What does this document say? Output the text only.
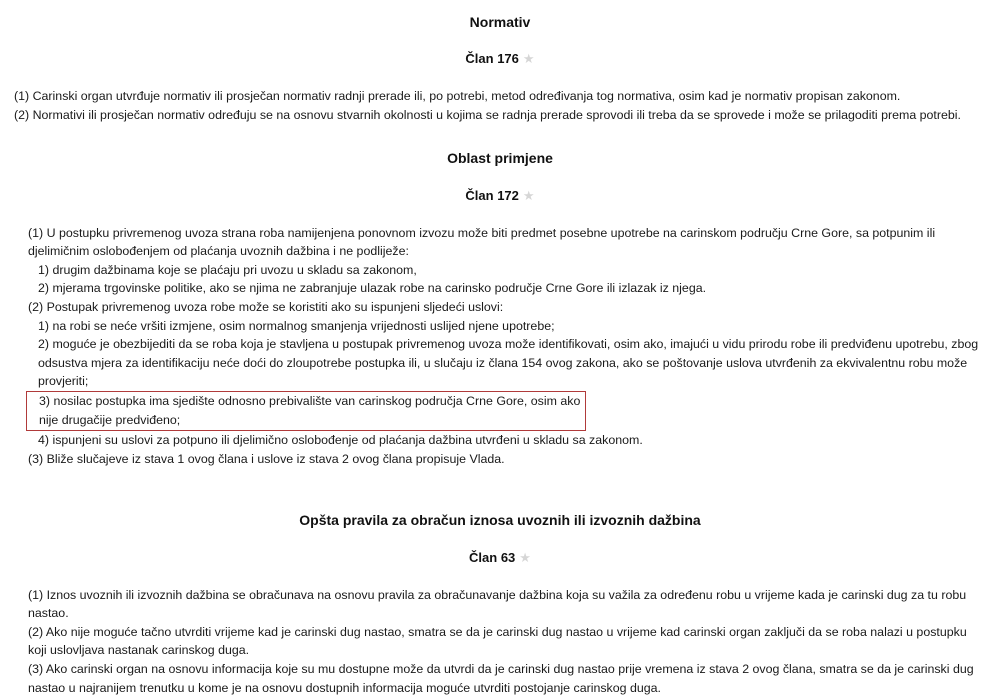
Normativ
Član 176 ★
(1) Carinski organ utvrđuje normativ ili prosječan normativ radnji prerade ili, po potrebi, metod određivanja tog normativa, osim kad je normativ propisan zakonom.
(2) Normativi ili prosječan normativ određuju se na osnovu stvarnih okolnosti u kojima se radnja prerade sprovodi ili treba da se sprovede i može se prilagoditi prema potrebi.
Oblast primjene
Član 172 ★
(1) U postupku privremenog uvoza strana roba namijenjena ponovnom izvozu može biti predmet posebne upotrebe na carinskom području Crne Gore, sa potpunim ili djelimičnim oslobođenjem od plaćanja uvoznih dažbina i ne podliježe:
1) drugim dažbinama koje se plaćaju pri uvozu u skladu sa zakonom,
2) mjerama trgovinske politike, ako se njima ne zabranjuje ulazak robe na carinsko područje Crne Gore ili izlazak iz njega.
(2) Postupak privremenog uvoza robe može se koristiti ako su ispunjeni sljedeći uslovi:
1) na robi se neće vršiti izmjene, osim normalnog smanjenja vrijednosti uslijed njene upotrebe;
2) moguće je obezbijediti da se roba koja je stavljena u postupak privremenog uvoza može identifikovati, osim ako, imajući u vidu prirodu robe ili predviđenu upotrebu, zbog odsustva mjera za identifikaciju neće doći do zloupotrebe postupka ili, u slučaju iz člana 154 ovog zakona, ako se poštovanje uslova utvrđenih za ekvivalentnu robu može provjeriti;
3) nosilac postupka ima sjedište odnosno prebivalište van carinskog područja Crne Gore, osim ako nije drugačije predviđeno;
4) ispunjeni su uslovi za potpuno ili djelimično oslobođenje od plaćanja dažbina utvrđeni u skladu sa zakonom.
(3) Bliže slučajeve iz stava 1 ovog člana i uslove iz stava 2 ovog člana propisuje Vlada.
Opšta pravila za obračun iznosa uvoznih ili izvoznih dažbina
Član 63 ★
(1) Iznos uvoznih ili izvoznih dažbina se obračunava na osnovu pravila za obračunavanje dažbina koja su važila za određenu robu u vrijeme kada je carinski dug za tu robu nastao.
(2) Ako nije moguće tačno utvrditi vrijeme kad je carinski dug nastao, smatra se da je carinski dug nastao u vrijeme kad carinski organ zaključi da se roba nalazi u postupku koji uslovljava nastanak carinskog duga.
(3) Ako carinski organ na osnovu informacija koje su mu dostupne može da utvrdi da je carinski dug nastao prije vremena iz stava 2 ovog člana, smatra se da je carinski dug nastao u najranijem trenutku u kome je na osnovu dostupnih informacija moguće utvrditi postojanje carinskog duga.
